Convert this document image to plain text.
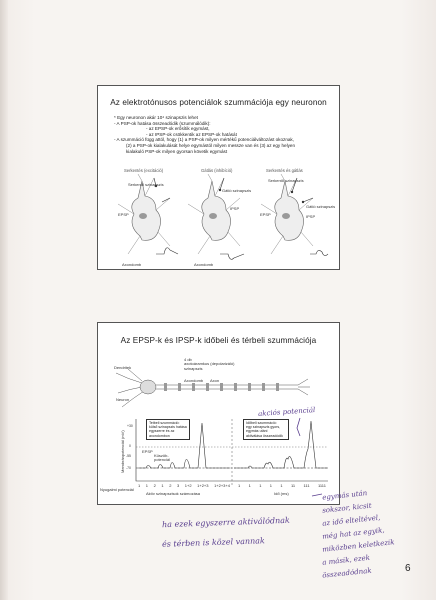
Az elektrotónusos potenciálok szummációja egy neuronon
* Egy neuronon akár 10⁴ szinapszis lehet
- A PSP-ok hatása összeadódik (szummálódik):
- az EPSP-ok erősítik egymást,
- az IPSP-ok csökkentik az EPSP-ok hatását
- A szummáció függ attól, hogy (1) a PSP-ok milyen mértékű potenciálváltozást okoznak,
(2) a PSP-ok kialakulását helye egymástól milyen messze van és (3) az egy helyen
kialakuló PSP-ok milyen gyorsan követik egymást
Serkentés (excitáció)	Gátlás (inhibíció)	Serkentés és gátlás
Serkentő szinapszis
EPSP
Axondomb
Gátló szinapszis
IPSP
Axondomb
Serkentő szinapszis
Gátló szinapszis
EPSP	IPSP
Az EPSP-k és IPSP-k időbeli és térbeli szummációja
Dendritek
4 db
axotoáramkus (depolarizáló)
szinapszis
Axondomb Axon
Neuron
Membránpotenciál (mV)
Tetbeli szummáció:
külső szinapszis hatása
egyszerre és az
axondombon
Időbeli szummáció:
egy szinapszis gyors,
egymás utáni
aktiválása összeadódik
EPSP
Küszöb-
potenciál
1 1 2 1 2 3 1+2 1+2+3 1+2+3+4 1 1 1 1 1 11 111 1111
Nyugalmi potenciál
Aktív szinapszisok számozása	Idő (ms)
+30
0
-55
-70
akciós potenciál
ha ezek egyszerre aktiválódnak
és térben is közel vannak
egymás után
sokszor, kicsit
az idő elteltével,
még hat az egyik,
miközben keletkezik
a másik, ezek
összeadódnak	6
